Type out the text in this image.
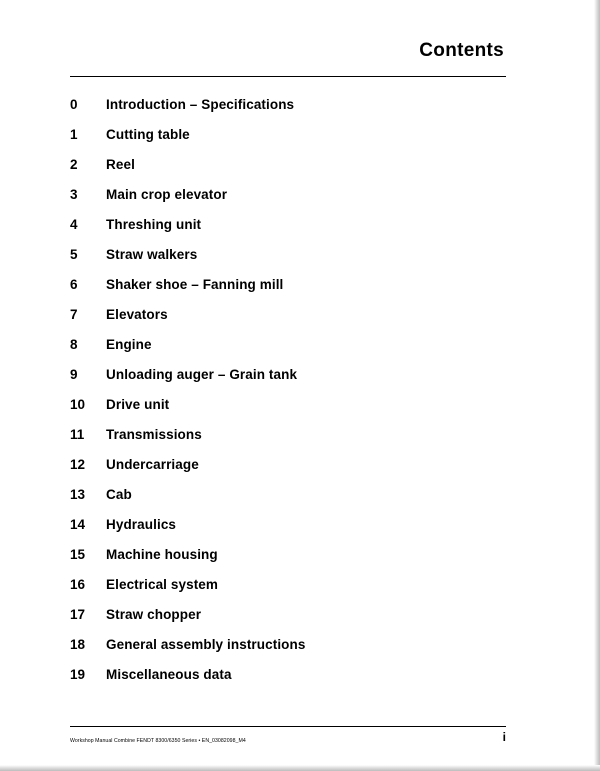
Contents
0	Introduction – Specifications
1	Cutting table
2	Reel
3	Main crop elevator
4	Threshing unit
5	Straw walkers
6	Shaker shoe – Fanning mill
7	Elevators
8	Engine
9	Unloading auger – Grain tank
10	Drive unit
11	Transmissions
12	Undercarriage
13	Cab
14	Hydraulics
15	Machine housing
16	Electrical system
17	Straw chopper
18	General assembly instructions
19	Miscellaneous data
Workshop Manual Combine FENDT 8300/6350 Series • EN_03082098_M4	i
